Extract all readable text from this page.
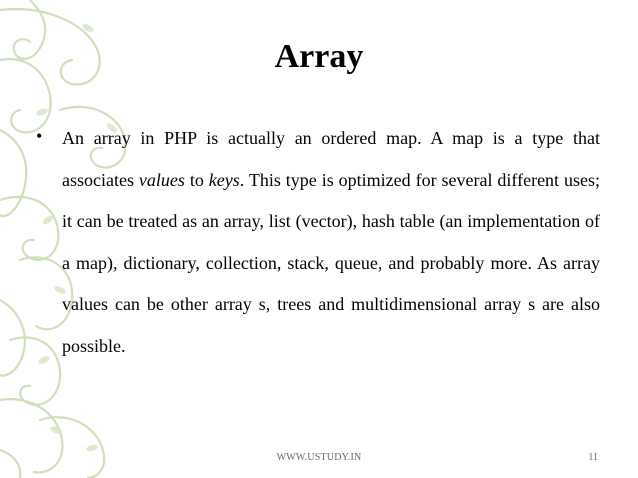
Array
• An array in PHP is actually an ordered map. A map is a type that associates values to keys. This type is optimized for several different uses; it can be treated as an array, list (vector), hash table (an implementation of a map), dictionary, collection, stack, queue, and probably more. As array values can be other array s, trees and multidimensional array s are also possible.
WWW.USTUDY.IN	11
